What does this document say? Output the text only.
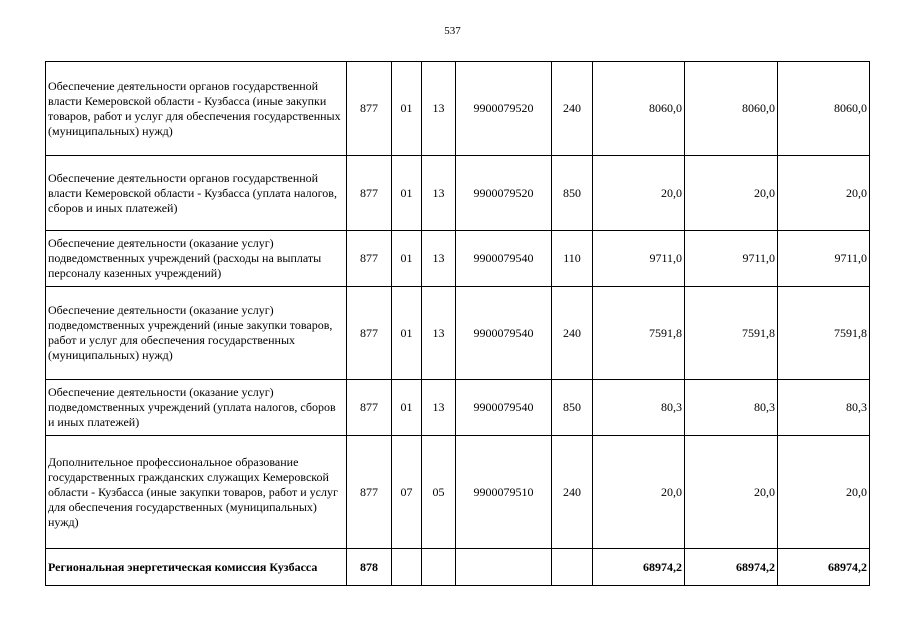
537
Обеспечение деятельности органов государственной власти Кемеровской области - Кузбасса (иные закупки товаров, работ и услуг для обеспечения государственных (муниципальных) нужд)	877	01	13	9900079520	240	8060,0	8060,0	8060,0
Обеспечение деятельности органов государственной власти Кемеровской области - Кузбасса (уплата налогов, сборов и иных платежей)	877	01	13	9900079520	850	20,0	20,0	20,0
Обеспечение деятельности (оказание услуг) подведомственных учреждений (расходы на выплаты персоналу казенных учреждений)	877	01	13	9900079540	110	9711,0	9711,0	9711,0
Обеспечение деятельности (оказание услуг) подведомственных учреждений (иные закупки товаров, работ и услуг для обеспечения государственных (муниципальных) нужд)	877	01	13	9900079540	240	7591,8	7591,8	7591,8
Обеспечение деятельности (оказание услуг) подведомственных учреждений (уплата налогов, сборов и иных платежей)	877	01	13	9900079540	850	80,3	80,3	80,3
Дополнительное профессиональное образование государственных гражданских служащих Кемеровской области - Кузбасса (иные закупки товаров, работ и услуг для обеспечения государственных (муниципальных) нужд)	877	07	05	9900079510	240	20,0	20,0	20,0
Региональная энергетическая комиссия Кузбасса	878					68974,2	68974,2	68974,2
